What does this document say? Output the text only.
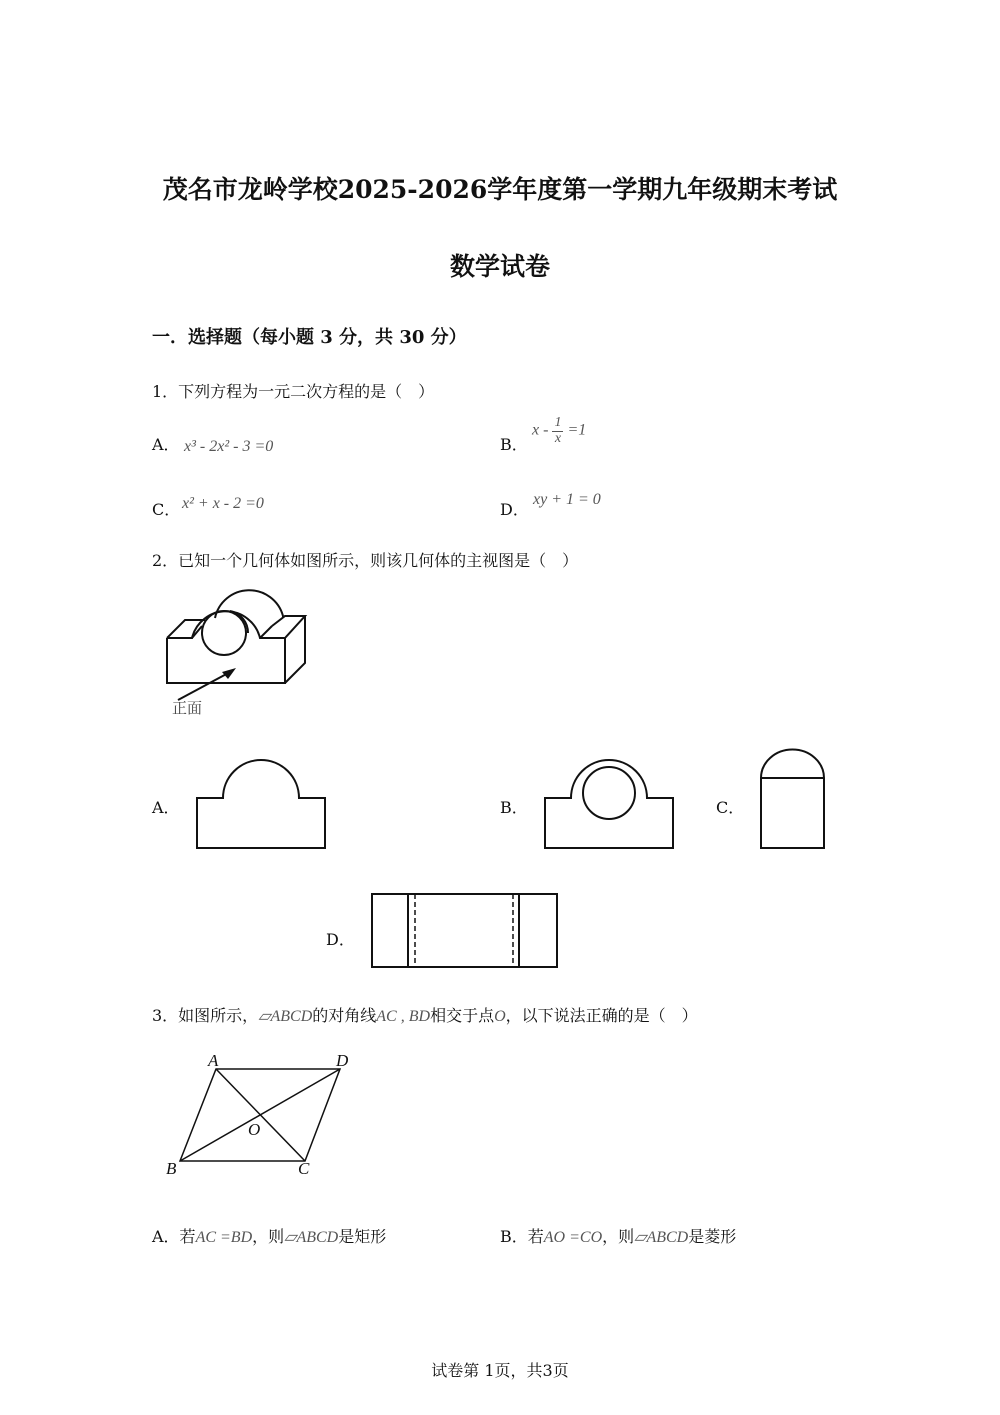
茂名市龙岭学校2025-2026学年度第一学期九年级期末考试
数学试卷
一．选择题（每小题 3 分，共 30 分）
1．下列方程为一元二次方程的是（　）
A． x³ - 2x² - 3 =0	B．
$x - \frac{1}{x} =1$
C． x² + x - 2 =0	D．
xy + 1 = 0
2．已知一个几何体如图所示，则该几何体的主视图是（　）
正面
A．	B．	C．
D．
3．如图所示，▱ABCD的对角线AC , BD相交于点O，以下说法正确的是（　）
A	D
B	C
O
A．若AC =BD，则▱ABCD是矩形	B．若AO =CO，则▱ABCD是菱形
试卷第 1页，共3页
